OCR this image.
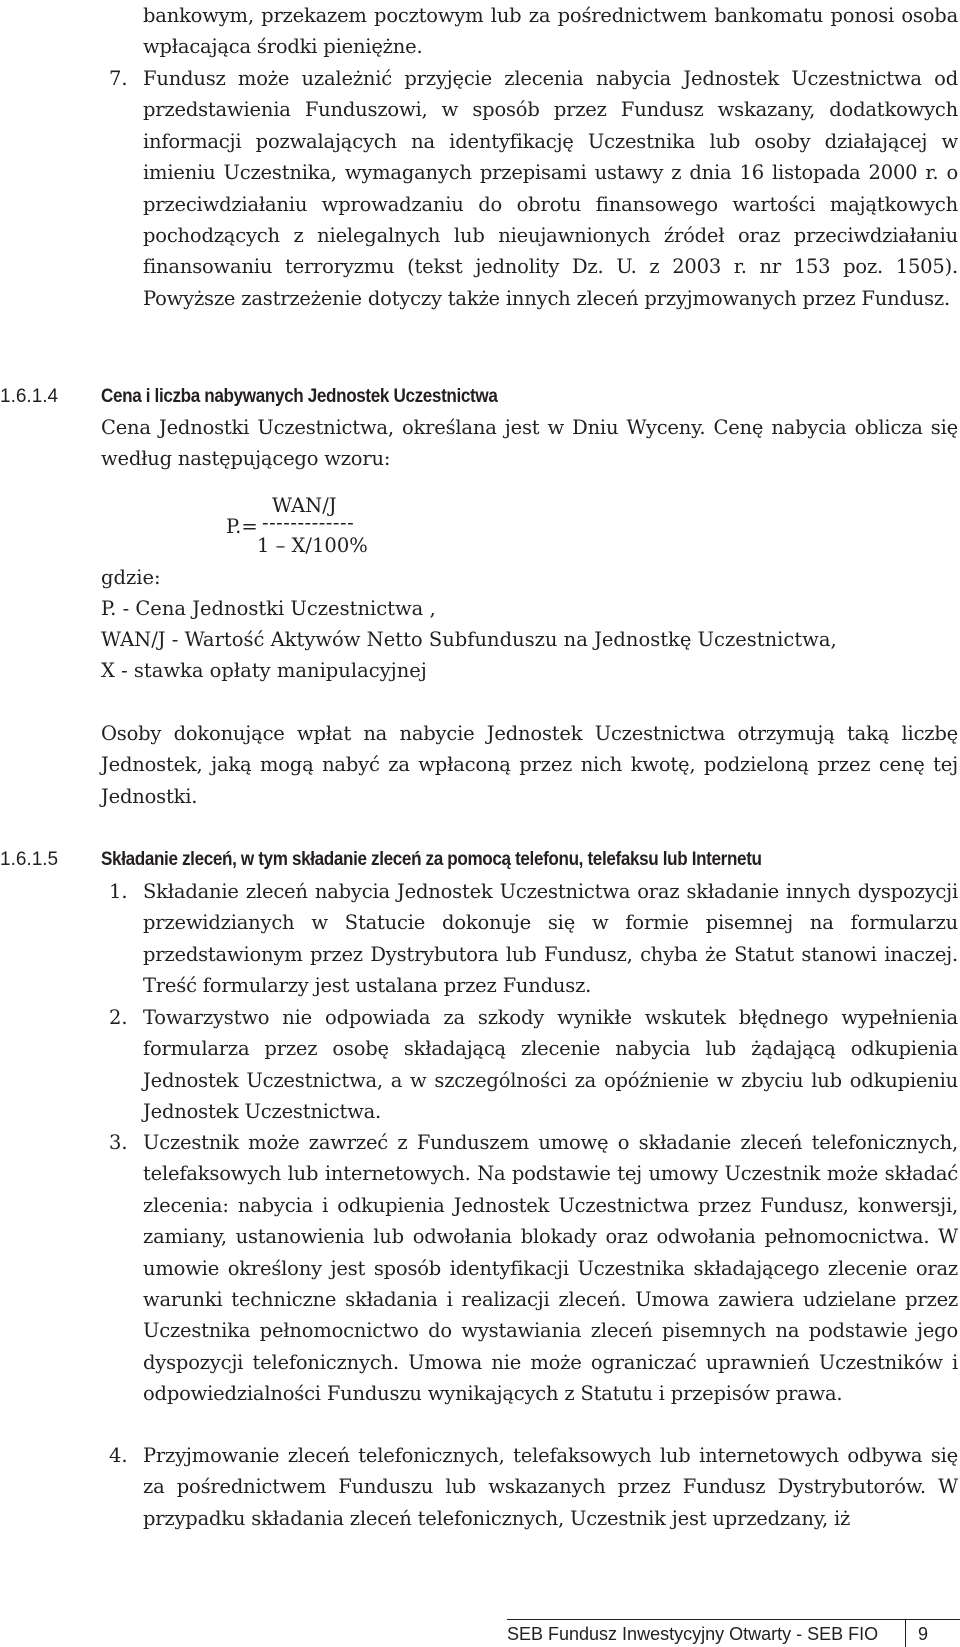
bankowym, przekazem pocztowym lub za pośrednictwem bankomatu ponosi osoba wpłacająca środki pieniężne.
7. Fundusz może uzależnić przyjęcie zlecenia nabycia Jednostek Uczestnictwa od przedstawienia Funduszowi, w sposób przez Fundusz wskazany, dodatkowych informacji pozwalających na identyfikację Uczestnika lub osoby działającej w imieniu Uczestnika, wymaganych przepisami ustawy z dnia 16 listopada 2000 r. o przeciwdziałaniu wprowadzaniu do obrotu finansowego wartości majątkowych pochodzących z nielegalnych lub nieujawnionych źródeł oraz przeciwdziałaniu finansowaniu terroryzmu (tekst jednolity Dz. U. z 2003 r. nr 153 poz. 1505). Powyższe zastrzeżenie dotyczy także innych zleceń przyjmowanych przez Fundusz.
1.6.1.4 Cena i liczba nabywanych Jednostek Uczestnictwa
Cena Jednostki Uczestnictwa, określana jest w Dniu Wyceny. Cenę nabycia oblicza się według następującego wzoru:
WAN/J
P.= -------------
1 – X/100%
gdzie:
P. - Cena Jednostki Uczestnictwa ,
WAN/J - Wartość Aktywów Netto Subfunduszu na Jednostkę Uczestnictwa,
X - stawka opłaty manipulacyjnej
Osoby dokonujące wpłat na nabycie Jednostek Uczestnictwa otrzymują taką liczbę Jednostek, jaką mogą nabyć za wpłaconą przez nich kwotę, podzieloną przez cenę tej Jednostki.
1.6.1.5 Składanie zleceń, w tym składanie zleceń za pomocą telefonu, telefaksu lub Internetu
1. Składanie zleceń nabycia Jednostek Uczestnictwa oraz składanie innych dyspozycji przewidzianych w Statucie dokonuje się w formie pisemnej na formularzu przedstawionym przez Dystrybutora lub Fundusz, chyba że Statut stanowi inaczej. Treść formularzy jest ustalana przez Fundusz.
2. Towarzystwo nie odpowiada za szkody wynikłe wskutek błędnego wypełnienia formularza przez osobę składającą zlecenie nabycia lub żądającą odkupienia Jednostek Uczestnictwa, a w szczególności za opóźnienie w zbyciu lub odkupieniu Jednostek Uczestnictwa.
3. Uczestnik może zawrzeć z Funduszem umowę o składanie zleceń telefonicznych, telefaksowych lub internetowych. Na podstawie tej umowy Uczestnik może składać zlecenia: nabycia i odkupienia Jednostek Uczestnictwa przez Fundusz, konwersji, zamiany, ustanowienia lub odwołania blokady oraz odwołania pełnomocnictwa. W umowie określony jest sposób identyfikacji Uczestnika składającego zlecenie oraz warunki techniczne składania i realizacji zleceń. Umowa zawiera udzielane przez Uczestnika pełnomocnictwo do wystawiania zleceń pisemnych na podstawie jego dyspozycji telefonicznych. Umowa nie może ograniczać uprawnień Uczestników i odpowiedzialności Funduszu wynikających z Statutu i przepisów prawa.
4. Przyjmowanie zleceń telefonicznych, telefaksowych lub internetowych odbywa się za pośrednictwem Funduszu lub wskazanych przez Fundusz Dystrybutorów. W przypadku składania zleceń telefonicznych, Uczestnik jest uprzedzany, iż
SEB Fundusz Inwestycyjny Otwarty - SEB FIO 9
